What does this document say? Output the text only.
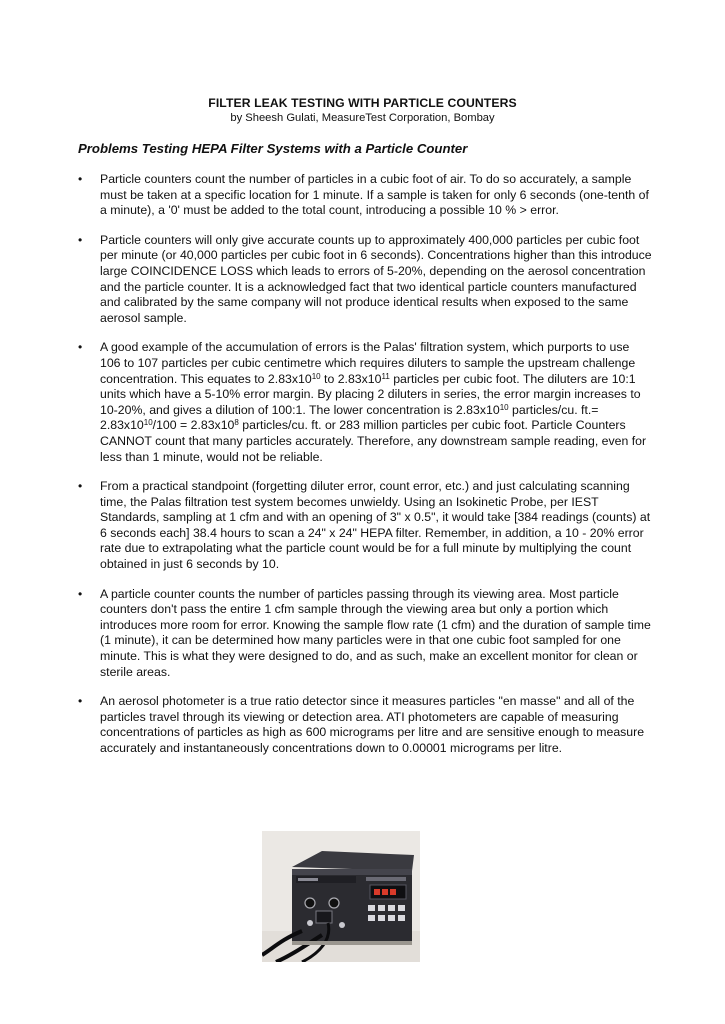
FILTER LEAK TESTING WITH PARTICLE COUNTERS
by Sheesh Gulati, MeasureTest Corporation, Bombay
Problems Testing HEPA Filter Systems with a Particle Counter
• Particle counters count the number of particles in a cubic foot of air. To do so accurately, a sample must be taken at a specific location for 1 minute. If a sample is taken for only 6 seconds (one-tenth of a minute), a '0' must be added to the total count, introducing a possible 10 % > error.
• Particle counters will only give accurate counts up to approximately 400,000 particles per cubic foot per minute (or 40,000 particles per cubic foot in 6 seconds). Concentrations higher than this introduce large COINCIDENCE LOSS which leads to errors of 5-20%, depending on the aerosol concentration and the particle counter. It is a acknowledged fact that two identical particle counters manufactured and calibrated by the same company will not produce identical results when exposed to the same aerosol sample.
• A good example of the accumulation of errors is the Palas' filtration system, which purports to use 106 to 107 particles per cubic centimetre which requires diluters to sample the upstream challenge concentration. This equates to $2.83x10^{10}$ to $2.83x10^{11}$ particles per cubic foot. The diluters are 10:1 units which have a 5-10% error margin. By placing 2 diluters in series, the error margin increases to 10-20%, and gives a dilution of 100:1. The lower concentration is $2.83x10^{10}$ particles/cu. $ft.= 2.83x10^{10}/100 = 2.83x10^8$ particles/cu. ft. or 283 million particles per cubic foot. Particle Counters CANNOT count that many particles accurately. Therefore, any downstream sample reading, even for less than 1 minute, would not be reliable.
• From a practical standpoint (forgetting diluter error, count error, etc.) and just calculating scanning time, the Palas filtration test system becomes unwieldy. Using an Isokinetic Probe, per IEST Standards, sampling at 1 cfm and with an opening of 3" x 0.5", it would take [384 readings (counts) at 6 seconds each] 38.4 hours to scan a 24" x 24" HEPA filter. Remember, in addition, a 10 - 20% error rate due to extrapolating what the particle count would be for a full minute by multiplying the count obtained in just 6 seconds by 10.
• A particle counter counts the number of particles passing through its viewing area. Most particle counters don't pass the entire 1 cfm sample through the viewing area but only a portion which introduces more room for error. Knowing the sample flow rate (1 cfm) and the duration of sample time (1 minute), it can be determined how many particles were in that one cubic foot sampled for one minute. This is what they were designed to do, and as such, make an excellent monitor for clean or sterile areas.
• An aerosol photometer is a true ratio detector since it measures particles "en masse" and all of the particles travel through its viewing or detection area. ATI photometers are capable of measuring concentrations of particles as high as 600 micrograms per litre and are sensitive enough to measure accurately and instantaneously concentrations down to 0.00001 micrograms per litre.
